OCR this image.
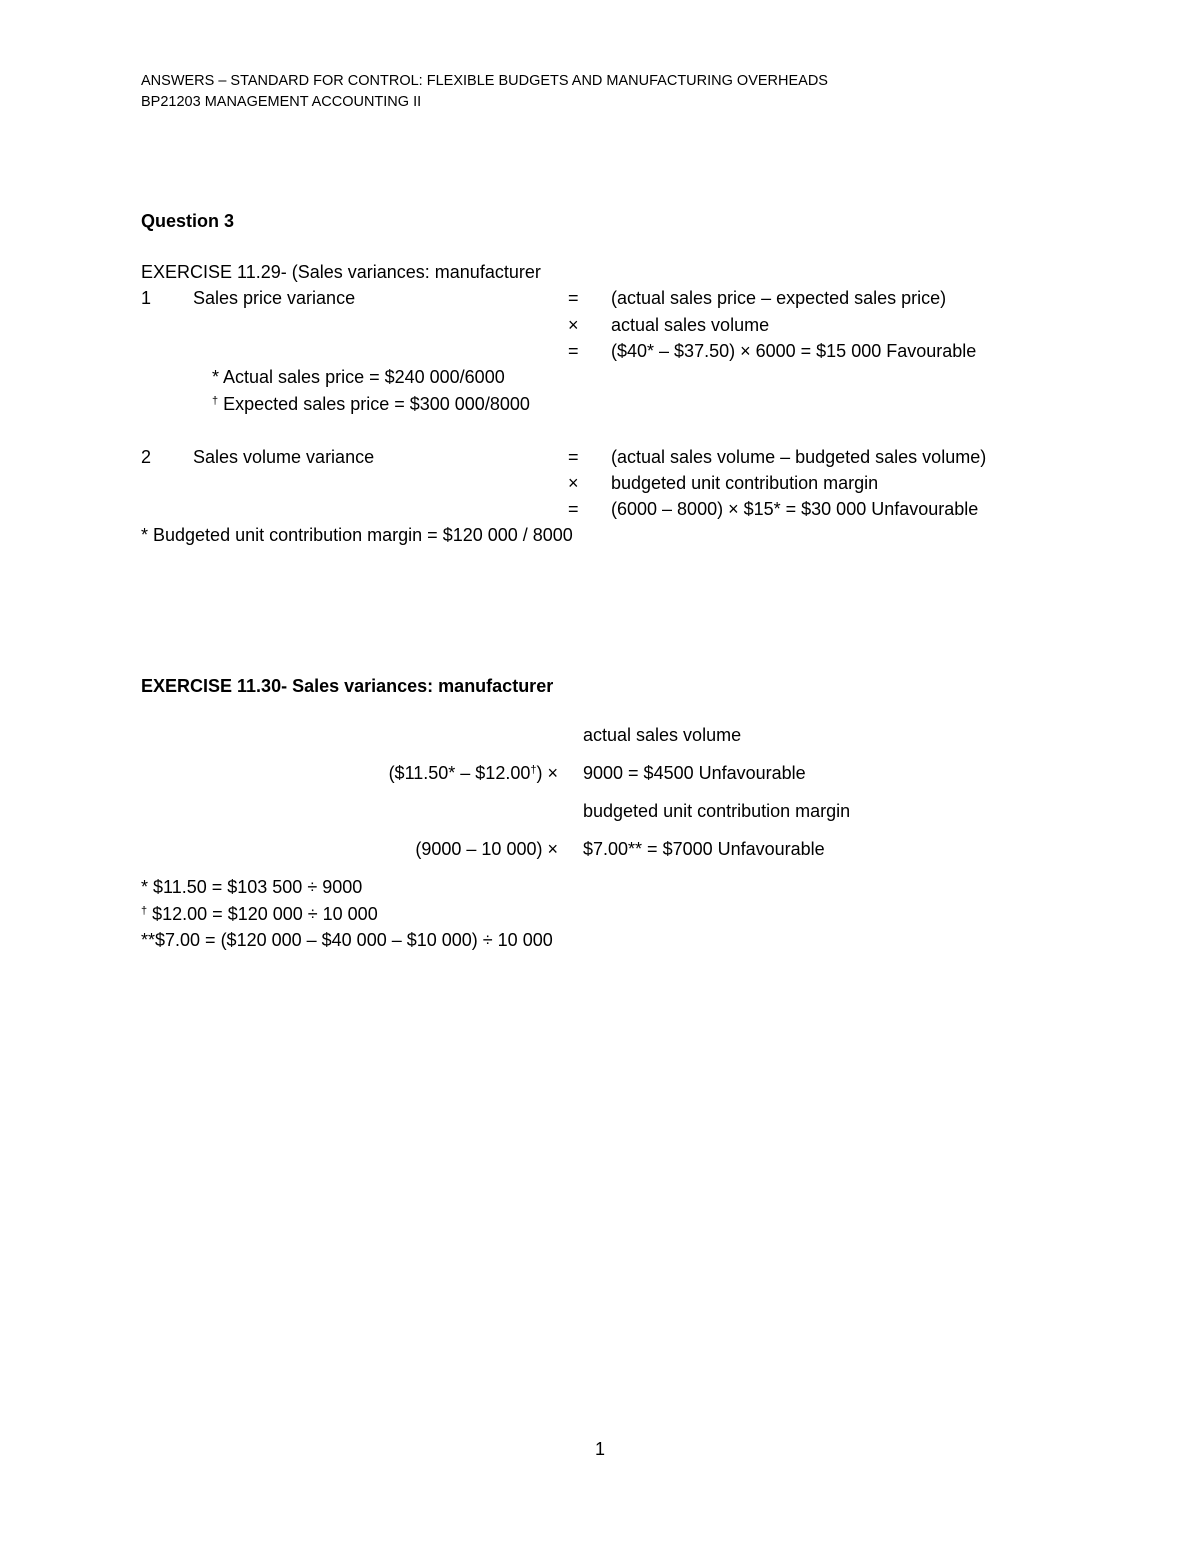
ANSWERS – STANDARD FOR CONTROL: FLEXIBLE BUDGETS AND MANUFACTURING OVERHEADS
BP21203 MANAGEMENT ACCOUNTING II
Question 3
EXERCISE 11.29- (Sales variances: manufacturer
1 Sales price variance	= (actual sales price – expected sales price)
× actual sales volume
= ($40* – $37.50) × 6000 = $15 000 Favourable
* Actual sales price = $240 000/6000
† Expected sales price = $300 000/8000
2 Sales volume variance	= (actual sales volume – budgeted sales volume)
× budgeted unit contribution margin
= (6000 – 8000) × $15* = $30 000 Unfavourable
* Budgeted unit contribution margin = $120 000 / 8000
EXERCISE 11.30- Sales variances: manufacturer
actual sales volume
($11.50* – $12.00†) × 9000 = $4500 Unfavourable
budgeted unit contribution margin
(9000 – 10 000) × $7.00** = $7000 Unfavourable
* $11.50 = $103 500 ÷ 9000
† $12.00 = $120 000 ÷ 10 000
**$7.00 = ($120 000 – $40 000 – $10 000) ÷ 10 000
1
